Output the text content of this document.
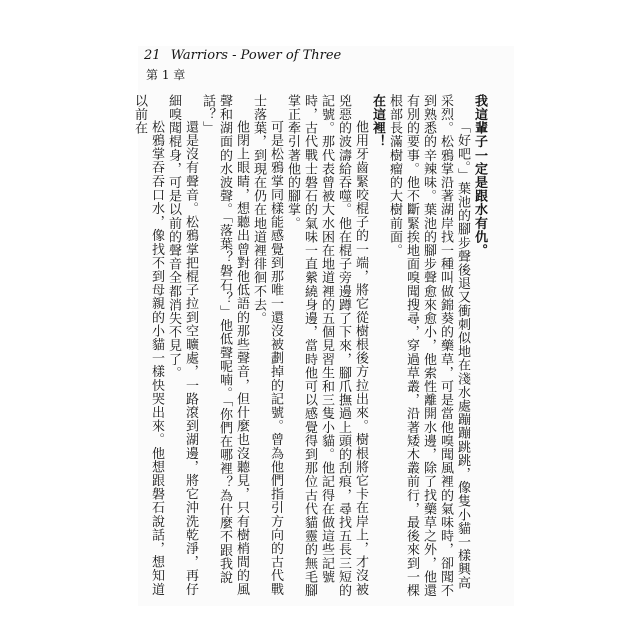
21 Warriors - Power of Three
第 1 章

我這輩子一定是跟水有仇。

「好吧。」葉池的腳步聲後退又衝刺似地在淺水處蹦蹦跳跳，像隻小貓一樣興高采烈。松鴉掌沿著湖岸找一種叫做錦葵的藥草，可是當他嗅聞風裡的氣味時，卻聞不到熟悉的辛辣味。葉池的腳步聲愈來愈小，他索性離開水邊，除了找藥草之外，他還有別的要事。他不斷緊挨地面嗅聞搜尋，穿過草叢，沿著矮木叢前行，最後來到一棵根部長滿樹瘤的大樹前面。

在這裡！

他用牙齒緊咬棍子的一端，將它從樹根後方拉出來。樹根將它卡在岸上，才沒被兇惡的波濤給吞噬。他在棍子旁邊蹲了下來，腳爪撫過上頭的刮痕，尋找五長三短的記號。那代表曾被大水困在地道裡的五個見習生和三隻小貓。他記得在做這些記號時，古代戰士磐石的氣味一直縈繞身邊，當時他可以感覺得到那位古代貓靈的無毛腳掌正牽引著他的腳掌。

可是松鴉掌同樣能感覺到那唯一還沒被劃掉的記號。曾為他們指引方向的古代戰士落葉，到現在仍在地道裡徘徊不去。

他閉上眼睛，想聽出曾對他低語的那些聲音，但什麼也沒聽見，只有樹梢間的風聲和湖面的水波聲。「落葉？磐石？」他低聲呢喃。「你們在哪裡？為什麼不跟我說話？」

還是沒有聲音。松鴉掌把棍子拉到空曠處，一路滾到湖邊，將它沖洗乾淨，再仔細嗅聞棍身，可是以前的聲音全都消失不見了。

松鴉掌吞吞口水，像找不到母親的小貓一樣快哭出來。他想跟磐石說話，想知道以前在
